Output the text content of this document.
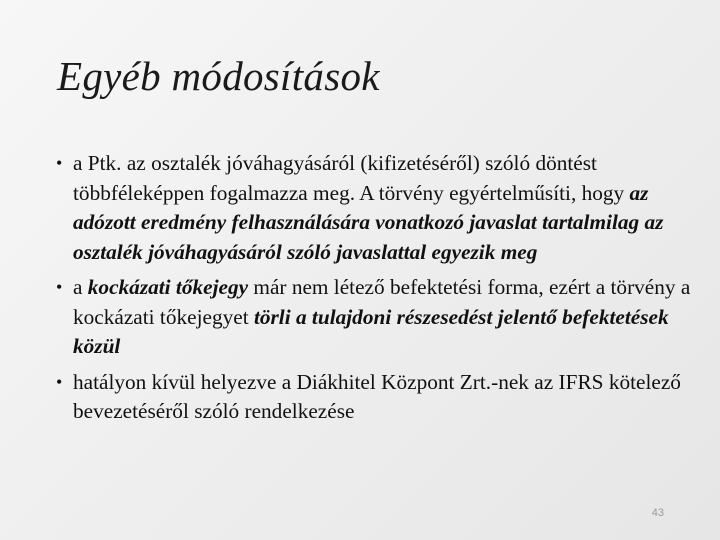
Egyéb módosítások
• a Ptk. az osztalék jóváhagyásáról (kifizetéséről) szóló döntést többféleképpen fogalmazza meg. A törvény egyértelműsíti, hogy az adózott eredmény felhasználására vonatkozó javaslat tartalmilag az osztalék jóváhagyásáról szóló javaslattal egyezik meg
• a kockázati tőkejegy már nem létező befektetési forma, ezért a törvény a kockázati tőkejegyet törli a tulajdoni részesedést jelentő befektetések közül
• hatályon kívül helyezve a Diákhitel Központ Zrt.-nek az IFRS kötelező bevezetéséről szóló rendelkezése
43
